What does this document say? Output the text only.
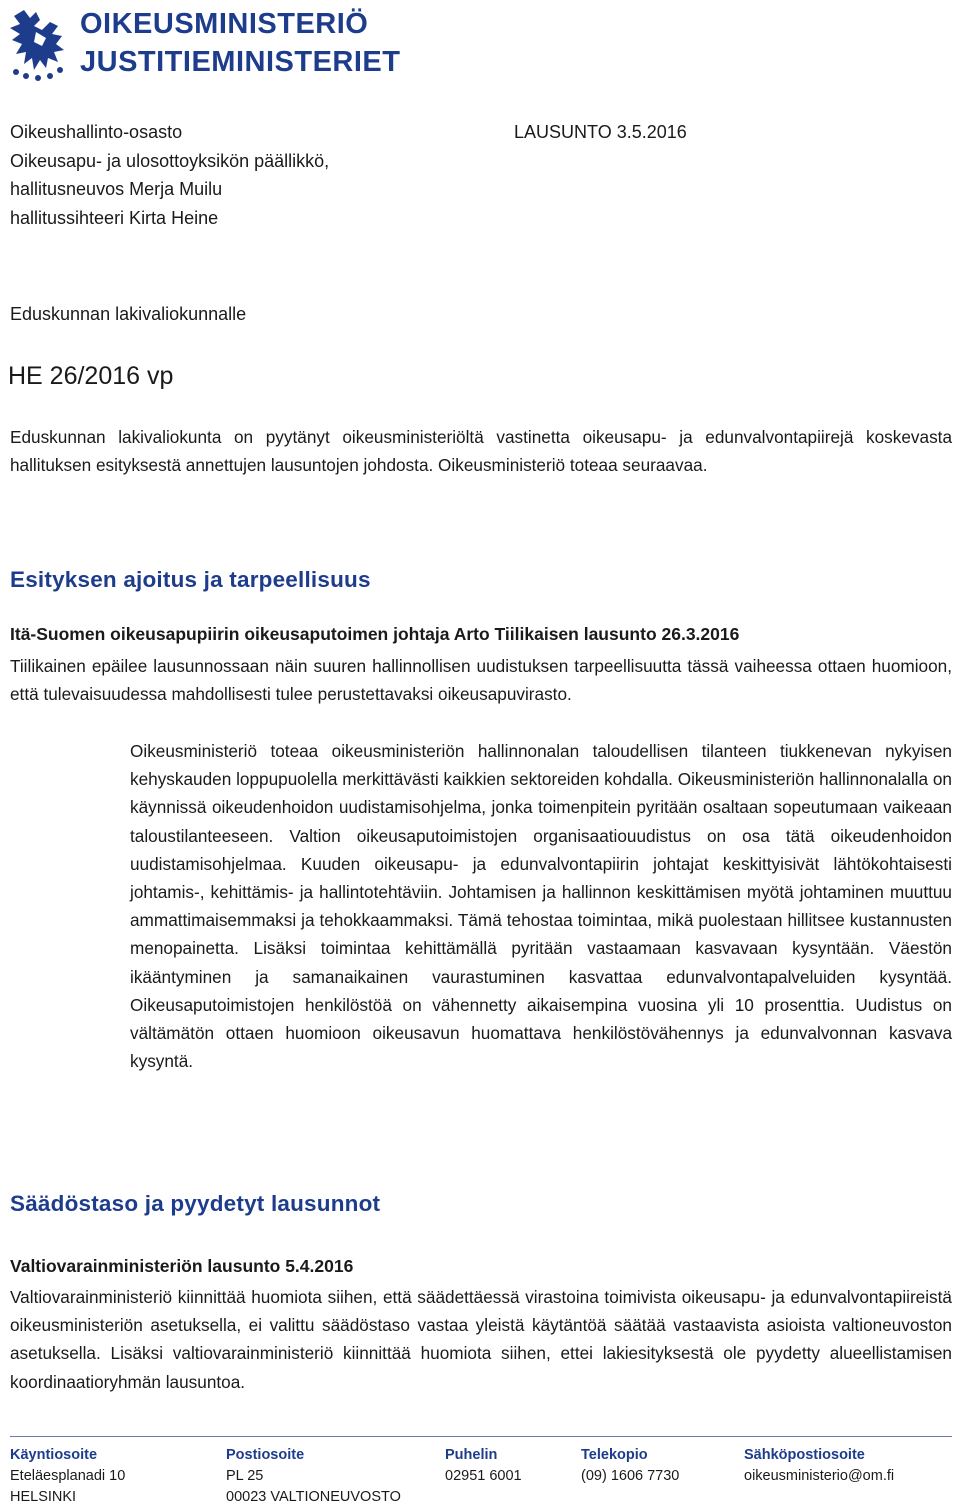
OIKEUSMINISTERIÖ
JUSTITIEMINISTERIET
Oikeushallinto-osasto
Oikeusapu- ja ulosottoyksikön päällikkö,
hallitusneuvos Merja Muilu
hallitussihteeri Kirta Heine
LAUSUNTO 3.5.2016
Eduskunnan lakivaliokunnalle
HE 26/2016 vp
Eduskunnan lakivaliokunta on pyytänyt oikeusministeriöltä vastinetta oikeusapu- ja edunvalvontapiirejä koskevasta hallituksen esityksestä annettujen lausuntojen johdosta. Oikeusministeriö toteaa seuraavaa.
Esityksen ajoitus ja tarpeellisuus
Itä-Suomen oikeusapupiirin oikeusaputoimen johtaja Arto Tiilikaisen lausunto 26.3.2016
Tiilikainen epäilee lausunnossaan näin suuren hallinnollisen uudistuksen tarpeellisuutta tässä vaiheessa ottaen huomioon, että tulevaisuudessa mahdollisesti tulee perustettavaksi oikeusapuvirasto.
Oikeusministeriö toteaa oikeusministeriön hallinnonalan taloudellisen tilanteen tiukkenevan nykyisen kehyskauden loppupuolella merkittävästi kaikkien sektoreiden kohdalla. Oikeusministeriön hallinnonalalla on käynnissä oikeudenhoidon uudistamisohjelma, jonka toimenpitein pyritään osaltaan sopeutumaan vaikeaan taloustilanteeseen. Valtion oikeusaputoimistojen organisaatiouudistus on osa tätä oikeudenhoidon uudistamisohjelmaa. Kuuden oikeusapu- ja edunvalvontapiirin johtajat keskittyisivät lähtökohtaisesti johtamis-, kehittämis- ja hallintotehtäviin. Johtamisen ja hallinnon keskittämisen myötä johtaminen muuttuu ammattimaisemmaksi ja tehokkaammaksi. Tämä tehostaa toimintaa, mikä puolestaan hillitsee kustannusten menopainetta. Lisäksi toimintaa kehittämällä pyritään vastaamaan kasvavaan kysyntään. Väestön ikääntyminen ja samanaikainen vaurastuminen kasvattaa edunvalvontapalveluiden kysyntää. Oikeusaputoimistojen henkilöstöä on vähennetty aikaisempina vuosina yli 10 prosenttia. Uudistus on vältämätön ottaen huomioon oikeusavun huomattava henkilöstövähennys ja edunvalvonnan kasvava kysyntä.
Säädöstaso ja pyydetyt lausunnot
Valtiovarainministeriön lausunto 5.4.2016
Valtiovarainministeriö kiinnittää huomiota siihen, että säädettäessä virastoina toimivista oikeusapu- ja edunvalvontapiireistä oikeusministeriön asetuksella, ei valittu säädöstaso vastaa yleistä käytäntöä säätää vastaavista asioista valtioneuvoston asetuksella. Lisäksi valtiovarainministeriö kiinnittää huomiota siihen, ettei lakiesityksestä ole pyydetty alueellistamisen koordinaatioryhmän lausuntoa.
Käyntiosoite
Eteläesplanadi 10
HELSINKI
Postiosoite
PL 25
00023 VALTIONEUVOSTO
Puhelin
02951 6001
Telekopio
(09) 1606 7730
Sähköpostiosoite
oikeusministerio@om.fi
